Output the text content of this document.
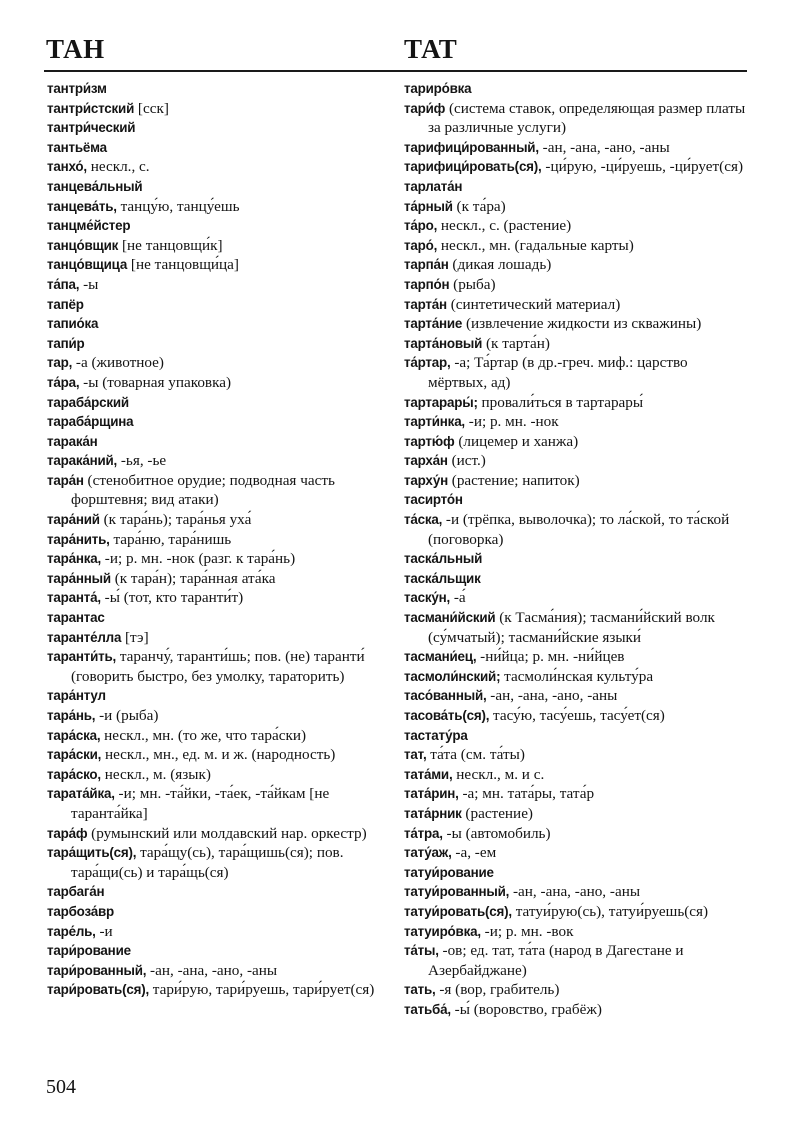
ТАН	ТАТ
тантри́зм
тантри́стский [сск]
тантри́ческий
тантьёма
танхо́, нескл., с.
танцева́льный
танцева́ть, танцу́ю, танцу́ешь
танцме́йстер
танцо́вщик [не танцовщи́к]
танцо́вщица [не танцовщи́ца]
та́па, -ы
тапёр
тапио́ка
тапи́р
тар, -а (животное)
та́ра, -ы (товарная упаковка)
тараба́рский
тараба́рщина
тарака́н
тарака́ний, -ья, -ье
тара́н (стенобитное орудие; подводная часть форштевня; вид атаки)
тара́ний (к тара́нь); тара́нья уха́
тара́нить, тара́ню, тара́нишь
тара́нка, -и; р. мн. -нок (разг. к тара́нь)
тара́нный (к тара́н); тара́нная ата́ка
таранта́, -ы́ (тот, кто таранти́т)
тарантас
таранте́лла [тэ]
таранти́ть, таранчу́, таранти́шь; пов. (не) таранти́ (говорить быстро, без умолку, тараторить)
тара́нтул
тара́нь, -и (рыба)
тара́ска, нескл., мн. (то же, что тара́ски)
тара́ски, нескл., мн., ед. м. и ж. (народность)
тара́ско, нескл., м. (язык)
тарата́йка, -и; мн. -та́йки, -та́ек, -та́йкам [не таранта́йка]
тара́ф (румынский или молдавский нар. оркестр)
тара́щить(ся), тара́щу(сь), тара́щишь(ся); пов. тара́щи(сь) и тара́щь(ся)
тарбага́н
тарбоза́вр
таре́ль, -и
тари́рование
тари́рованный, -ан, -ана, -ано, -аны
тари́ровать(ся), тари́рую, тари́руешь, тари́рует(ся)
тариро́вка
тари́ф (система ставок, определяющая размер платы за различные услуги)
тарифици́рованный, -ан, -ана, -ано, -аны
тарифици́ровать(ся), -ци́рую, -ци́руешь, -ци́рует(ся)
тарлата́н
та́рный (к та́ра)
та́ро, нескл., с. (растение)
таро́, нескл., мн. (гадальные карты)
тарпа́н (дикая лошадь)
тарпо́н (рыба)
тарта́н (синтетический материал)
тарта́ние (извлечение жидкости из скважины)
тарта́новый (к тарта́н)
та́ртар, -а; Та́ртар (в др.-греч. миф.: царство мёртвых, ад)
тартарары́; провали́ться в тартарары́
тарти́нка, -и; р. мн. -нок
тартю́ф (лицемер и ханжа)
тарха́н (ист.)
тарху́н (растение; напиток)
тасирто́н
та́ска, -и (трёпка, выволочка); то ла́ской, то та́ской (поговорка)
таска́льный
таска́льщик
таску́н, -а́
тасмани́йский (к Тасма́ния); тасмани́йский волк (су́мчатый); тасмани́йские языки́
тасмани́ец, -ни́йца; р. мн. -ни́йцев
тасмоли́нский; тасмоли́нская культу́ра
тасо́ванный, -ан, -ана, -ано, -аны
тасова́ть(ся), тасу́ю, тасу́ешь, тасу́ет(ся)
тастату́ра
тат, та́та (см. та́ты)
тата́ми, нескл., м. и с.
тата́рин, -а; мн. тата́ры, тата́р
тата́рник (растение)
та́тра, -ы (автомобиль)
тату́аж, -а, -ем
татуи́рование
татуи́рованный, -ан, -ана, -ано, -аны
татуи́ровать(ся), татуи́рую(сь), татуи́руешь(ся)
татуиро́вка, -и; р. мн. -вок
та́ты, -ов; ед. тат, та́та (народ в Дагестане и Азербайджане)
тать, -я (вор, грабитель)
татьба́, -ы́ (воровство, грабёж)
504
